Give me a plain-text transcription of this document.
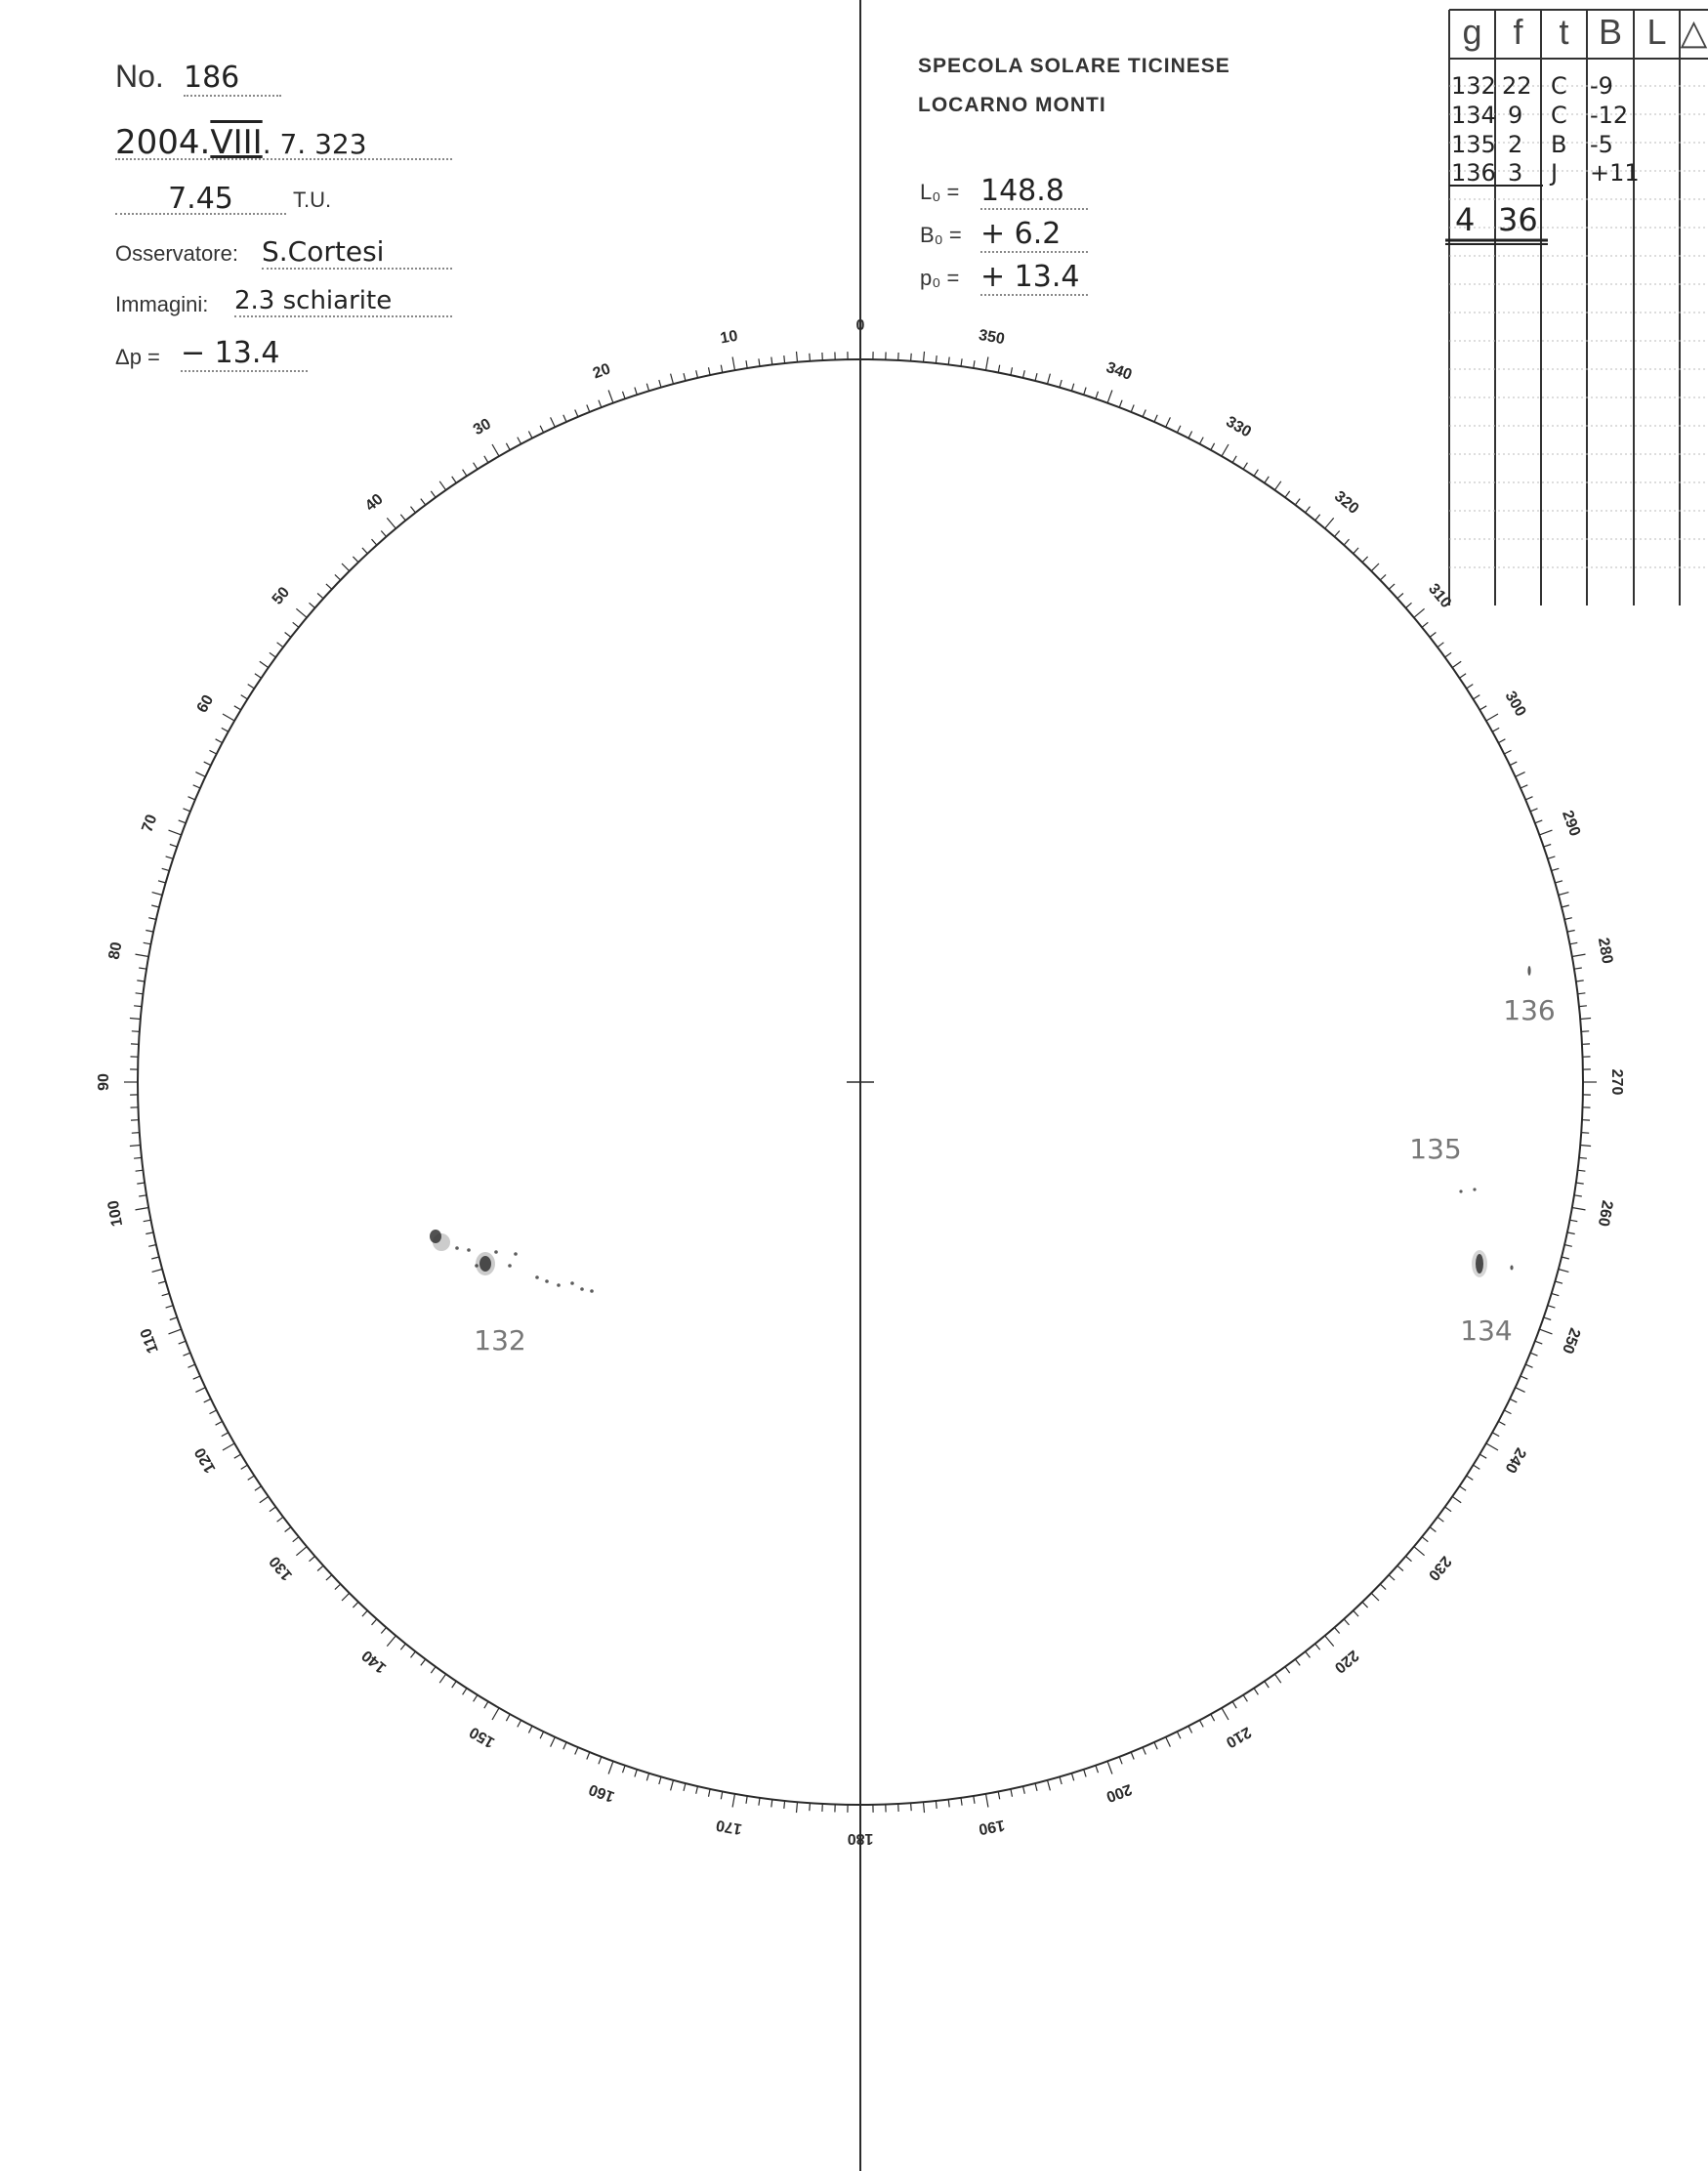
No. 186
2004.VIII. 7. 323
7.45	T.U.
Osservatore: S.Cortesi
Immagini: 2.3 schiarite
Δp = − 13.4
SPECOLA SOLARE TICINESE
LOCARNO MONTI
L₀ = 148.8
B₀ = + 6.2
p₀ = + 13.4
g f	t B L △
132 22 C -9
134 9 C -12
135 2 B -5
136 3 J +11
4 36
0
10
20
30
40
50
60
70
80
90
100
110
120
130
140
150
160
170
180
190
200
210
220
230
240
250
260
270
280
290
300
310
320
330
340
350
132	134
135
136
